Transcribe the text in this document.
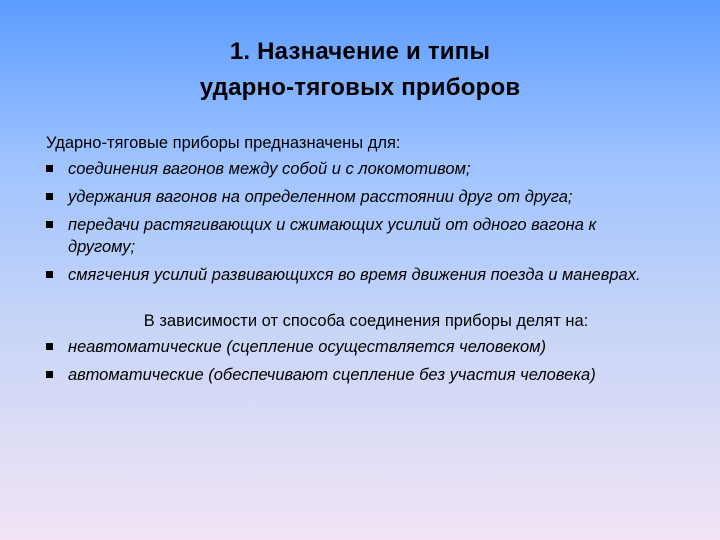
1. Назначение и типы
ударно-тяговых приборов

Ударно-тяговые приборы предназначены для:

соединения вагонов между собой и с локомотивом;
удержания вагонов на определенном расстоянии друг от друга;
передачи растягивающих и сжимающих усилий от одного вагона к другому;
смягчения усилий развивающихся во время движения поезда и маневрах.

В зависимости от способа соединения приборы делят на:

неавтоматические (сцепление осуществляется человеком)
автоматические (обеспечивают сцепление без участия человека)
